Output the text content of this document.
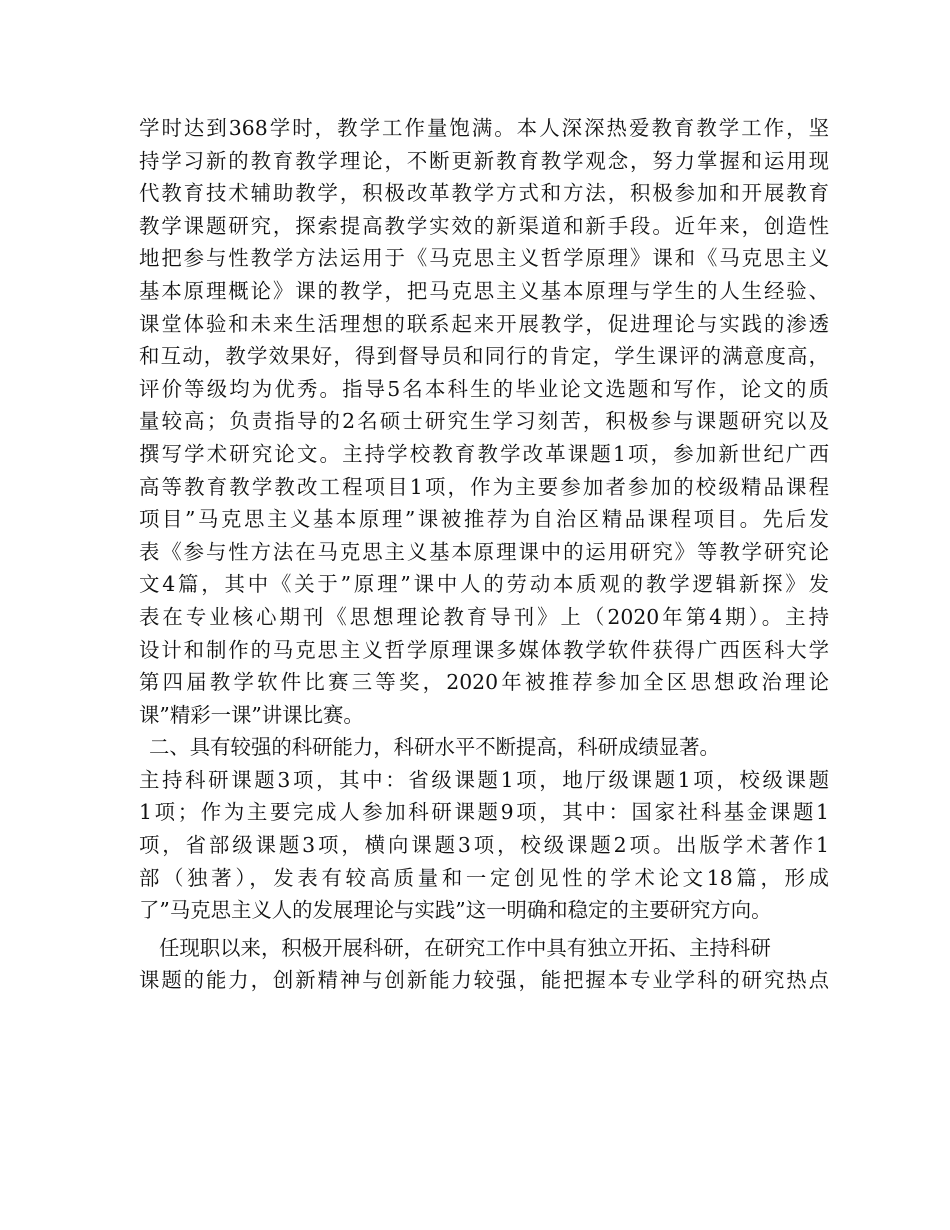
学时达到368学时，教学工作量饱满。本人深深热爱教育教学工作，坚
持学习新的教育教学理论，不断更新教育教学观念，努力掌握和运用现
代教育技术辅助教学，积极改革教学方式和方法，积极参加和开展教育
教学课题研究，探索提高教学实效的新渠道和新手段。近年来，创造性
地把参与性教学方法运用于《马克思主义哲学原理》课和《马克思主义
基本原理概论》课的教学，把马克思主义基本原理与学生的人生经验、
课堂体验和未来生活理想的联系起来开展教学，促进理论与实践的渗透
和互动，教学效果好，得到督导员和同行的肯定，学生课评的满意度高，
评价等级均为优秀。指导5名本科生的毕业论文选题和写作，论文的质
量较高；负责指导的2名硕士研究生学习刻苦，积极参与课题研究以及
撰写学术研究论文。主持学校教育教学改革课题1项，参加新世纪广西
高等教育教学教改工程项目1项，作为主要参加者参加的校级精品课程
项目”马克思主义基本原理”课被推荐为自治区精品课程项目。先后发
表《参与性方法在马克思主义基本原理课中的运用研究》等教学研究论
文4篇，其中《关于”原理”课中人的劳动本质观的教学逻辑新探》发
表在专业核心期刊《思想理论教育导刊》上（2020年第4期）。主持
设计和制作的马克思主义哲学原理课多媒体教学软件获得广西医科大学
第四届教学软件比赛三等奖，2020年被推荐参加全区思想政治理论
课”精彩一课”讲课比赛。
二、具有较强的科研能力，科研水平不断提高，科研成绩显著。
主持科研课题3项，其中：省级课题1项，地厅级课题1项，校级课题
1项；作为主要完成人参加科研课题9项，其中：国家社科基金课题1
项，省部级课题3项，横向课题3项，校级课题2项。出版学术著作1
部（独著），发表有较高质量和一定创见性的学术论文18篇，形成
了”马克思主义人的发展理论与实践”这一明确和稳定的主要研究方向。
任现职以来，积极开展科研，在研究工作中具有独立开拓、主持科研
课题的能力，创新精神与创新能力较强，能把握本专业学科的研究热点
